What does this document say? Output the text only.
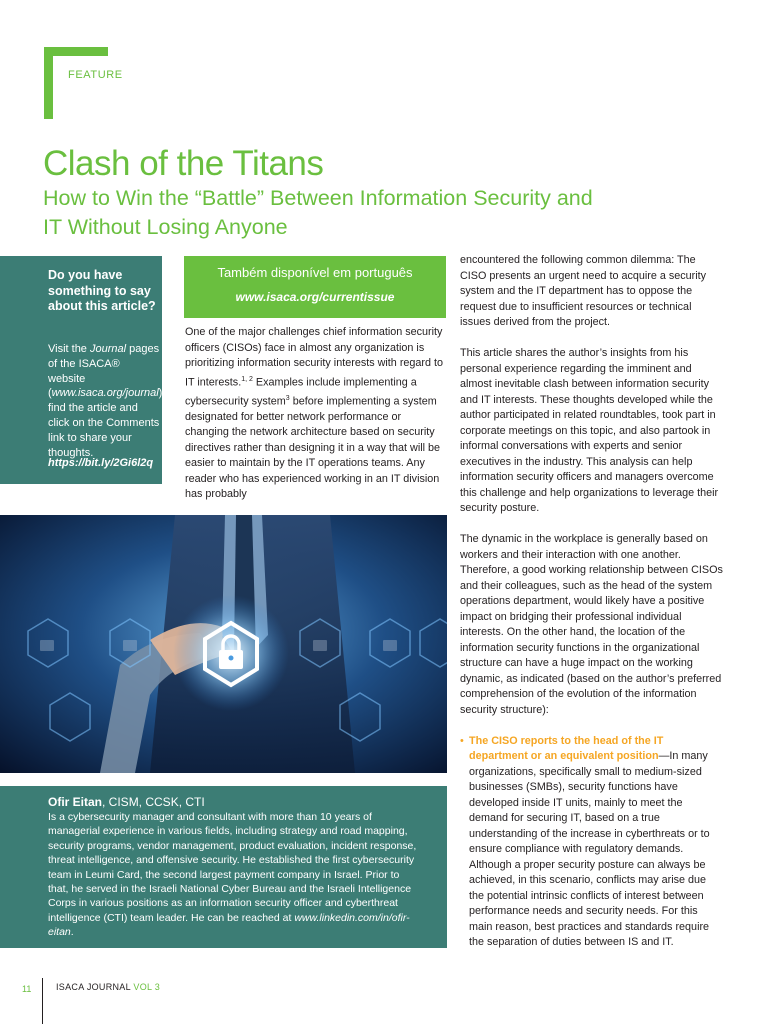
FEATURE
Clash of the Titans
How to Win the “Battle” Between Information Security and IT Without Losing Anyone
Do you have something to say about this article?
Visit the Journal pages of the ISACA® website (www.isaca.org/journal), find the article and click on the Comments link to share your thoughts.
https://bit.ly/2Gi6l2q
Também disponível em português
www.isaca.org/currentissue

One of the major challenges chief information security officers (CISOs) face in almost any organization is prioritizing information security interests with regard to IT interests.$^{1, 2}$ Examples include implementing a cybersecurity system$^3$ before implementing a system designated for better network performance or changing the network architecture based on security directives rather than designing it in a way that will be easier to maintain by the IT operations teams. Any reader who has experienced working in an IT division has probably

encountered the following common dilemma: The CISO presents an urgent need to acquire a security system and the IT department has to oppose the request due to insufficient resources or technical issues derived from the project.

This article shares the author’s insights from his personal experience regarding the imminent and almost inevitable clash between information security and IT interests. These thoughts developed while the author participated in related roundtables, took part in corporate meetings on this topic, and also partook in informal conversations with experts and senior executives in the industry. This analysis can help information security officers and managers overcome this challenge and help organizations to leverage their security posture.

The dynamic in the workplace is generally based on workers and their interaction with one another. Therefore, a good working relationship between CISOs and their colleagues, such as the head of the system operations department, would likely have a positive impact on bridging their professional individual interests. On the other hand, the location of the information security functions in the organizational structure can have a huge impact on the working dynamic, as indicated (based on the author’s preferred comprehension of the evolution of the information security structure):

• The CISO reports to the head of the IT department or an equivalent position—In many organizations, specifically small to medium-sized businesses (SMBs), security functions have developed inside IT units, mainly to meet the demand for securing IT, based on a true understanding of the increase in cyberthreats or to ensure compliance with regulatory demands. Although a proper security posture can always be achieved, in this scenario, conflicts may arise due the potential intrinsic conflicts of interest between performance needs and security needs. For this main reason, best practices and standards require the separation of duties between IS and IT.
Ofir Eitan, CISM, CCSK, CTI
Is a cybersecurity manager and consultant with more than 10 years of managerial experience in various fields, including strategy and road mapping, security programs, vendor management, product evaluation, incident response, threat intelligence, and offensive security. He established the first cybersecurity team in Leumi Card, the second largest payment company in Israel. Prior to that, he served in the Israeli National Cyber Bureau and the Israeli Intelligence Corps in various positions as an information security officer and cyberthreat intelligence (CTI) team leader. He can be reached at www.linkedin.com/in/ofir-eitan.
11	ISACA JOURNAL VOL 3
